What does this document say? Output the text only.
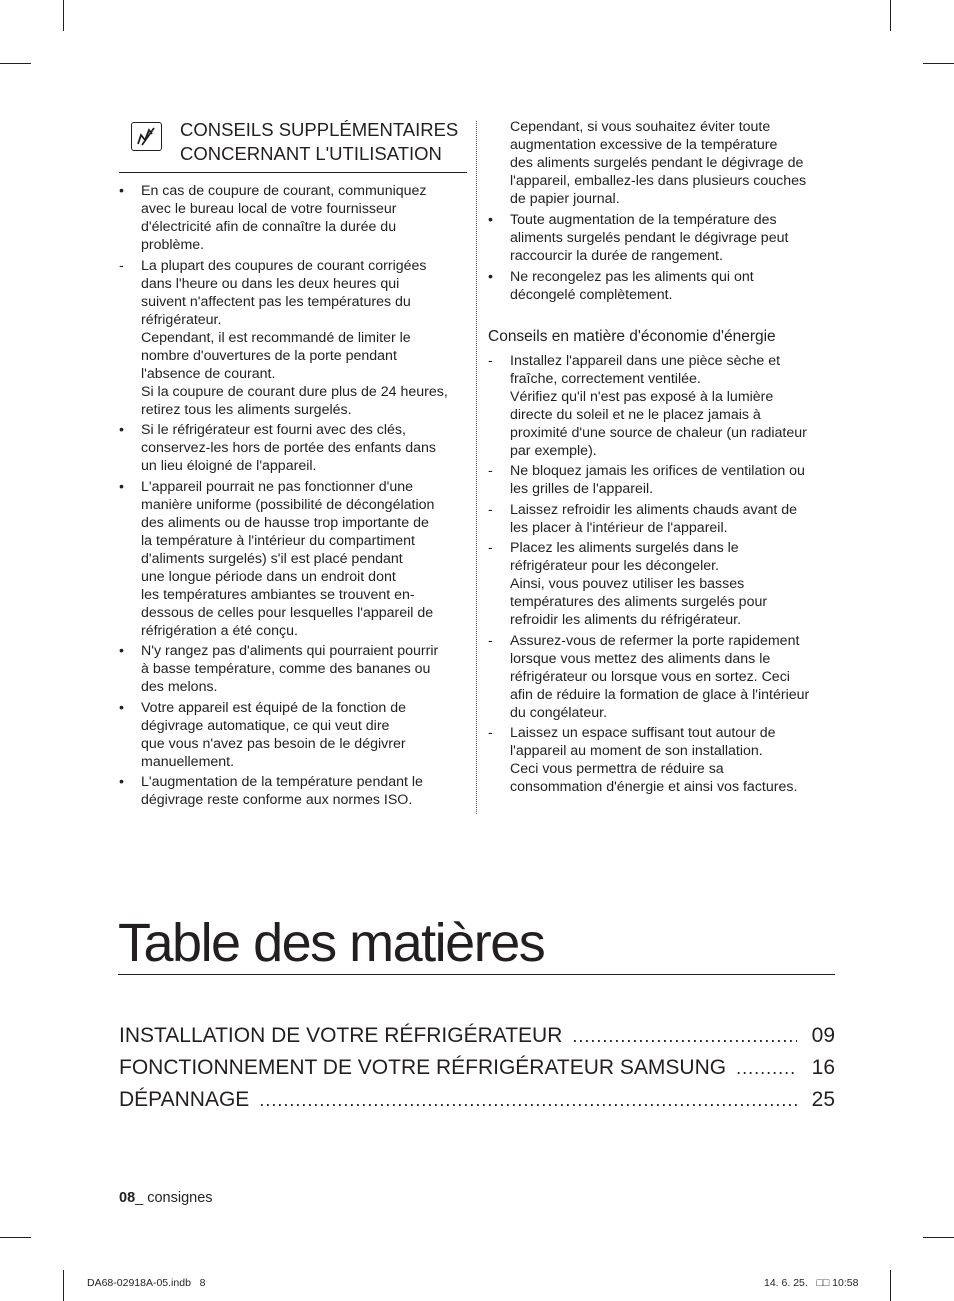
CONSEILS SUPPLÉMENTAIRES
CONCERNANT L'UTILISATION
•	En cas de coupure de courant, communiquez
avec le bureau local de votre fournisseur
d'électricité afin de connaître la durée du
problème.
-	La plupart des coupures de courant corrigées
dans l'heure ou dans les deux heures qui
suivent n'affectent pas les températures du
réfrigérateur.
Cependant, il est recommandé de limiter le
nombre d'ouvertures de la porte pendant
l'absence de courant.
Si la coupure de courant dure plus de 24 heures,
retirez tous les aliments surgelés.
•	Si le réfrigérateur est fourni avec des clés,
conservez-les hors de portée des enfants dans
un lieu éloigné de l'appareil.
•	L'appareil pourrait ne pas fonctionner d'une
manière uniforme (possibilité de décongélation
des aliments ou de hausse trop importante de
la température à l'intérieur du compartiment
d'aliments surgelés) s'il est placé pendant
une longue période dans un endroit dont
les températures ambiantes se trouvent en-
dessous de celles pour lesquelles l'appareil de
réfrigération a été conçu.
•	N'y rangez pas d'aliments qui pourraient pourrir
à basse température, comme des bananes ou
des melons.
•	Votre appareil est équipé de la fonction de
dégivrage automatique, ce qui veut dire
que vous n'avez pas besoin de le dégivrer
manuellement.
•	L'augmentation de la température pendant le
dégivrage reste conforme aux normes ISO.
Cependant, si vous souhaitez éviter toute
augmentation excessive de la température
des aliments surgelés pendant le dégivrage de
l'appareil, emballez-les dans plusieurs couches
de papier journal.
•	Toute augmentation de la température des
aliments surgelés pendant le dégivrage peut
raccourcir la durée de rangement.
•	Ne recongelez pas les aliments qui ont
décongelé complètement.
Conseils en matière d'économie d'énergie
-	Installez l'appareil dans une pièce sèche et
fraîche, correctement ventilée.
Vérifiez qu'il n'est pas exposé à la lumière
directe du soleil et ne le placez jamais à
proximité d'une source de chaleur (un radiateur
par exemple).
-	Ne bloquez jamais les orifices de ventilation ou
les grilles de l'appareil.
-	Laissez refroidir les aliments chauds avant de
les placer à l'intérieur de l'appareil.
-	Placez les aliments surgelés dans le
réfrigérateur pour les décongeler.
Ainsi, vous pouvez utiliser les basses
températures des aliments surgelés pour
refroidir les aliments du réfrigérateur.
-	Assurez-vous de refermer la porte rapidement
lorsque vous mettez des aliments dans le
réfrigérateur ou lorsque vous en sortez. Ceci
afin de réduire la formation de glace à l'intérieur
du congélateur.
-	Laissez un espace suffisant tout autour de
l'appareil au moment de son installation.
Ceci vous permettra de réduire sa
consommation d'énergie et ainsi vos factures.
Table des matières
INSTALLATION DE VOTRE RÉFRIGÉRATEUR .....	09
FONCTIONNEMENT DE VOTRE RÉFRIGÉRATEUR SAMSUNG .....	16
DÉPANNAGE .....	25
08_ consignes
DA68-02918A-05.indb   8	14. 6. 25.   □□ 10:58
